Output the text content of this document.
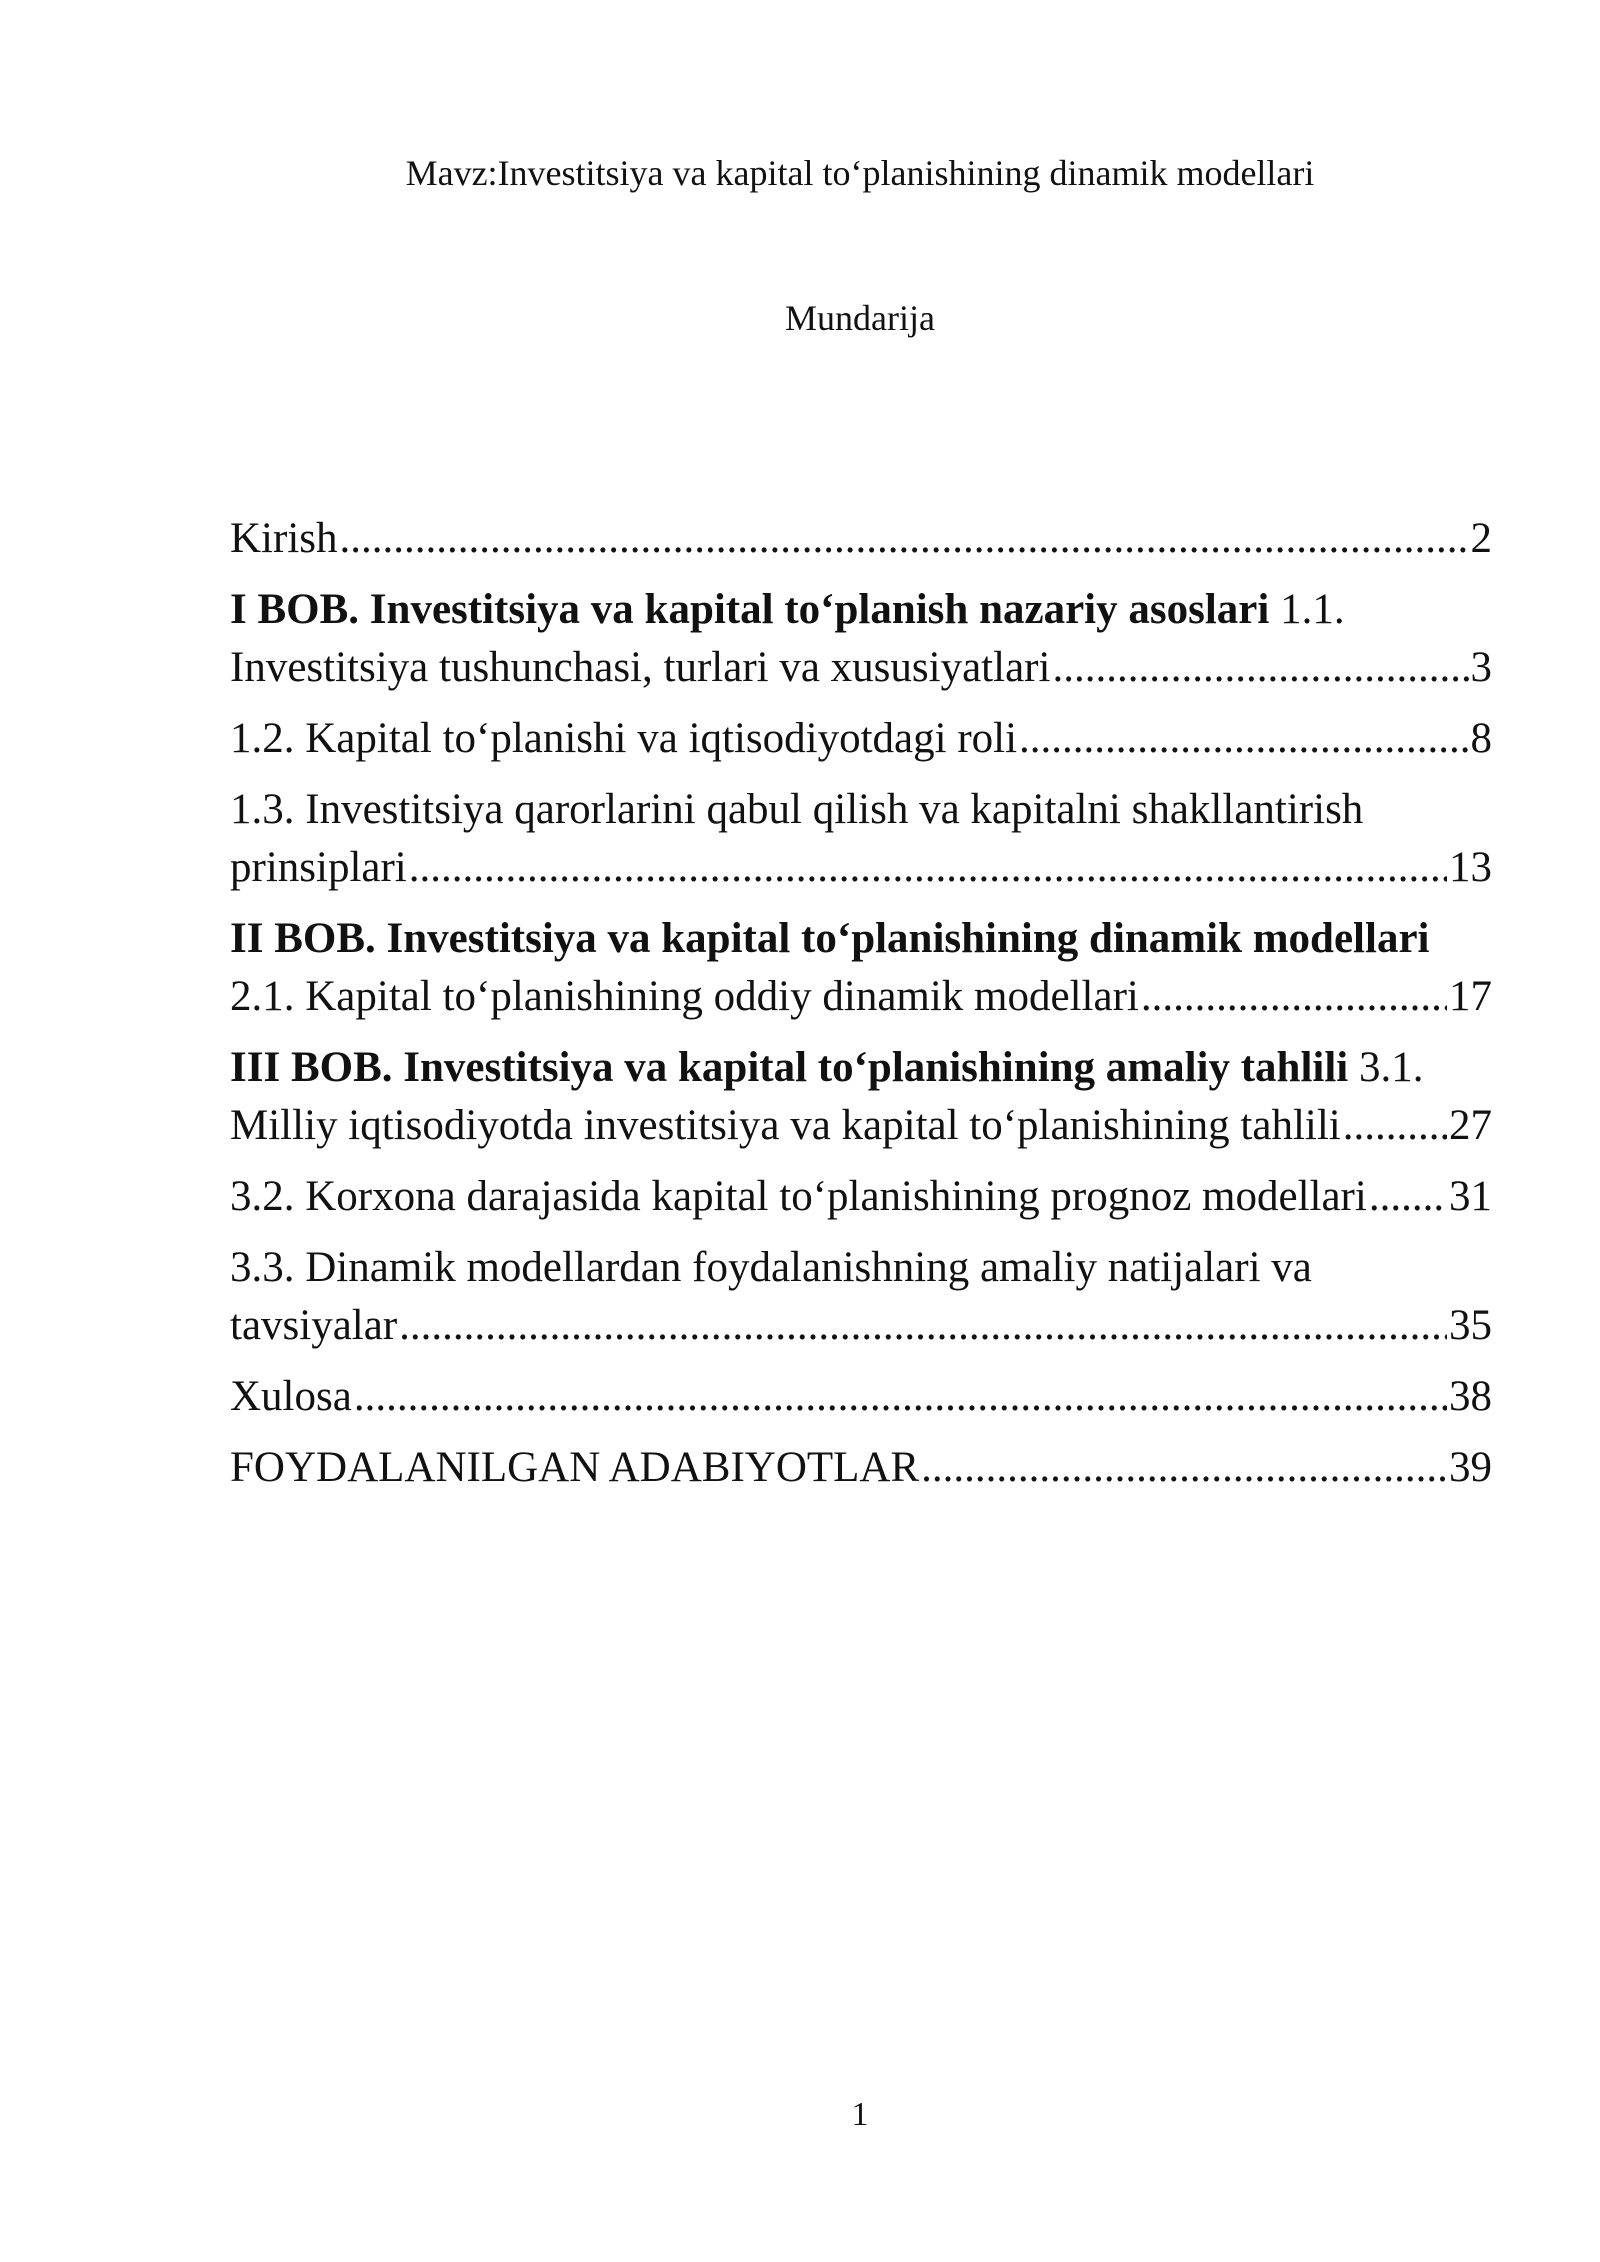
Mavz:Investitsiya va kapital to‘planishining dinamik modellari
Mundarija
Kirish .....	2
I BOB. Investitsiya va kapital to‘planish nazariy asoslari 1.1.
Investitsiya tushunchasi, turlari va xususiyatlari .....	3
1.2. Kapital to‘planishi va iqtisodiyotdagi roli .....	8
1.3. Investitsiya qarorlarini qabul qilish va kapitalni shakllantirish
prinsiplari .....	13
II BOB. Investitsiya va kapital to‘planishining dinamik modellari
2.1. Kapital to‘planishining oddiy dinamik modellari .....	17
III BOB. Investitsiya va kapital to‘planishining amaliy tahlili 3.1.
Milliy iqtisodiyotda investitsiya va kapital to‘planishining tahlili .....	27
3.2. Korxona darajasida kapital to‘planishining prognoz modellari ..... 31
3.3. Dinamik modellardan foydalanishning amaliy natijalari va
tavsiyalar .....	35
Xulosa .....	38
FOYDALANILGAN ADABIYOTLAR .....	39
1
